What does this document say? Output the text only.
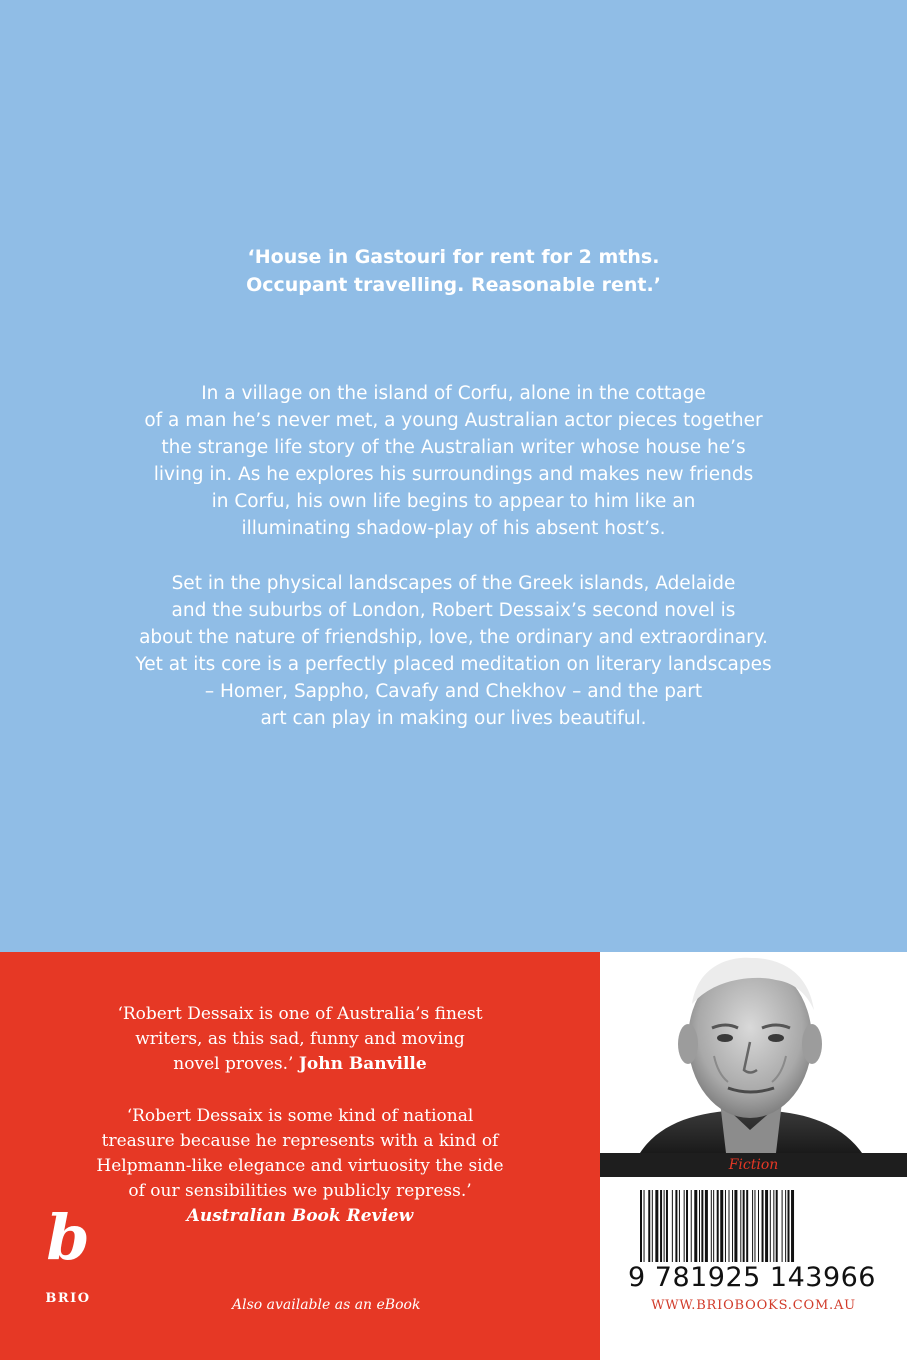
‘House in Gastouri for rent for 2 mths.
Occupant travelling. Reasonable rent.’
In a village on the island of Corfu, alone in the cottage
of a man he’s never met, a young Australian actor pieces together
the strange life story of the Australian writer whose house he’s
living in. As he explores his surroundings and makes new friends
in Corfu, his own life begins to appear to him like an
illuminating shadow-play of his absent host’s.
Set in the physical landscapes of the Greek islands, Adelaide
and the suburbs of London, Robert Dessaix’s second novel is
about the nature of friendship, love, the ordinary and extraordinary.
Yet at its core is a perfectly placed meditation on literary landscapes
– Homer, Sappho, Cavafy and Chekhov – and the part
art can play in making our lives beautiful.
‘Robert Dessaix is one of Australia’s finest
writers, as this sad, funny and moving
novel proves.’ John Banville
‘Robert Dessaix is some kind of national
treasure because he represents with a kind of
Helpmann-like elegance and virtuosity the side
of our sensibilities we publicly repress.’
Australian Book Review
b
BRIO	Also available as an eBook
Fiction
9 781925 143966
WWW.BRIOBOOKS.COM.AU
